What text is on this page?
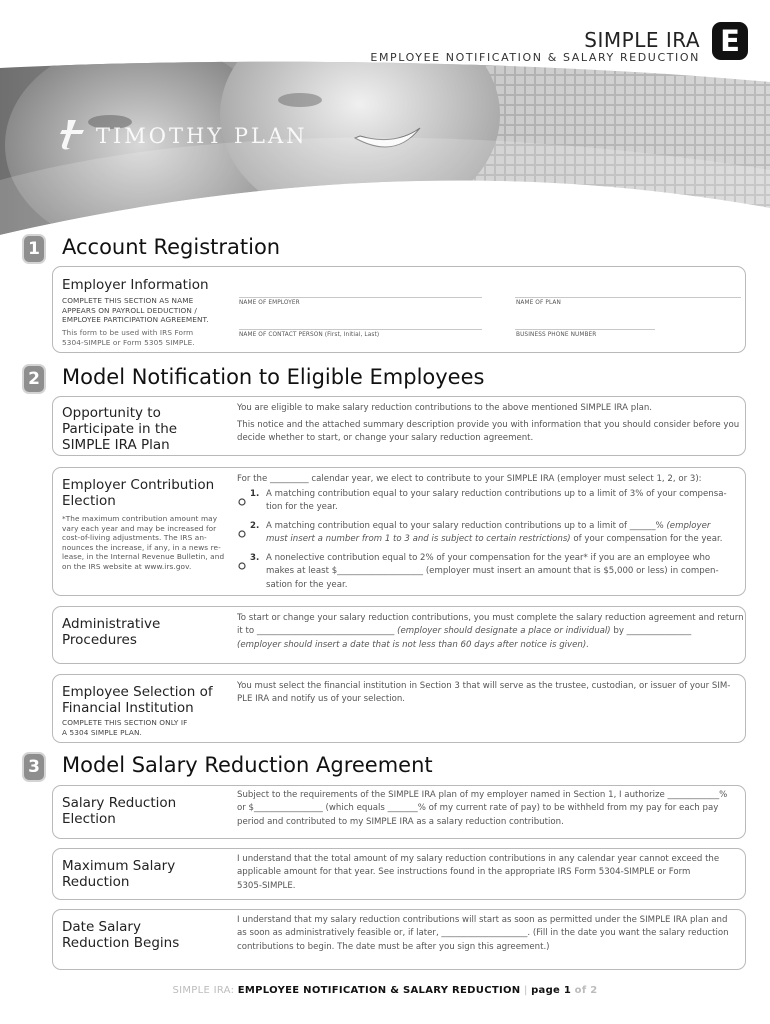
SIMPLE IRA
EMPLOYEE NOTIFICATION & SALARY REDUCTION E
TIMOTHY PLAN
1 Account Registration
Employer Information
COMPLETE THIS SECTION AS NAME
APPEARS ON PAYROLL DEDUCTION /
EMPLOYEE PARTICIPATION AGREEMENT.
This form to be used with IRS Form
5304-SIMPLE or Form 5305 SIMPLE.
NAME OF EMPLOYER	NAME OF PLAN
NAME OF CONTACT PERSON (First, Initial, Last)	BUSINESS PHONE NUMBER
2 Model Notification to Eligible Employees
Opportunity to
Participate in the
SIMPLE IRA Plan
You are eligible to make salary reduction contributions to the above mentioned SIMPLE IRA plan.
This notice and the attached summary description provide you with information that you should consider before you
decide whether to start, or change your salary reduction agreement.
Employer Contribution
Election
*The maximum contribution amount may
vary each year and may be increased for
cost-of-living adjustments. The IRS an-
nounces the increase, if any, in a news re-
lease, in the Internal Revenue Bulletin, and
on the IRS website at www.irs.gov.
For the _________ calendar year, we elect to contribute to your SIMPLE IRA (employer must select 1, 2, or 3):
1. A matching contribution equal to your salary reduction contributions up to a limit of 3% of your compensa-
tion for the year.
2. A matching contribution equal to your salary reduction contributions up to a limit of ______% (employer
must insert a number from 1 to 3 and is subject to certain restrictions) of your compensation for the year.
3. A nonelective contribution equal to 2% of your compensation for the year* if you are an employee who
makes at least $____________________ (employer must insert an amount that is $5,000 or less) in compen-
sation for the year.
Administrative
Procedures
To start or change your salary reduction contributions, you must complete the salary reduction agreement and return
it to ________________________________ (employer should designate a place or individual) by _______________
(employer should insert a date that is not less than 60 days after notice is given).
Employee Selection of
Financial Institution
COMPLETE THIS SECTION ONLY IF
A 5304 SIMPLE PLAN.
You must select the financial institution in Section 3 that will serve as the trustee, custodian, or issuer of your SIM-
PLE IRA and notify us of your selection.
3 Model Salary Reduction Agreement
Salary Reduction
Election
Subject to the requirements of the SIMPLE IRA plan of my employer named in Section 1, I authorize ____________%
or $________________ (which equals _______% of my current rate of pay) to be withheld from my pay for each pay
period and contributed to my SIMPLE IRA as a salary reduction contribution.
Maximum Salary
Reduction
I understand that the total amount of my salary reduction contributions in any calendar year cannot exceed the
applicable amount for that year. See instructions found in the appropriate IRS Form 5304-SIMPLE or Form
5305-SIMPLE.
Date Salary
Reduction Begins
I understand that my salary reduction contributions will start as soon as permitted under the SIMPLE IRA plan and
as soon as administratively feasible or, if later, ____________________. (Fill in the date you want the salary reduction
contributions to begin. The date must be after you sign this agreement.)
SIMPLE IRA: EMPLOYEE NOTIFICATION & SALARY REDUCTION | page 1 of 2
